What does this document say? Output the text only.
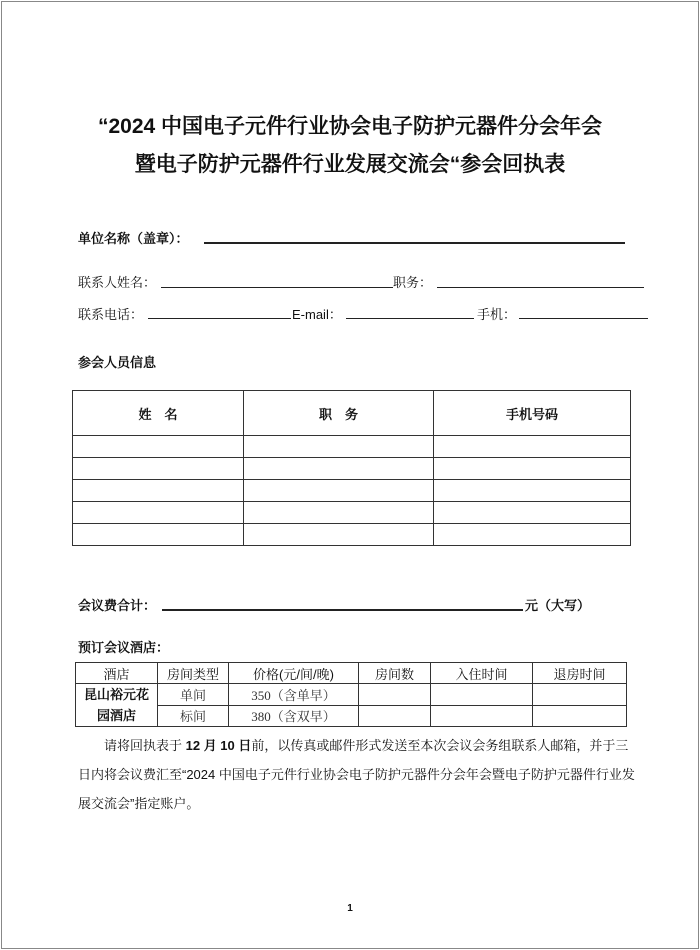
“2024 中国电子元件行业协会电子防护元器件分会年会
暨电子防护元器件行业发展交流会“参会回执表
单位名称（盖章）：
联系人姓名：	职务：
联系电话：	E-mail：	手机：
参会人员信息
姓　名	职　务	手机号码

会议费合计：	元（大写）
预订会议酒店：
酒店	房间类型	价格(元/间/晚)	房间数	入住时间	退房时间
昆山裕元花园酒店	单间	350（含单早）			
	标间	380（含双早）			
请将回执表于 12 月 10 日前，以传真或邮件形式发送至本次会议会务组联系人邮箱，并于三日内将会议费汇至“2024 中国电子元件行业协会电子防护元器件分会年会暨电子防护元器件行业发展交流会”指定账户。
1
